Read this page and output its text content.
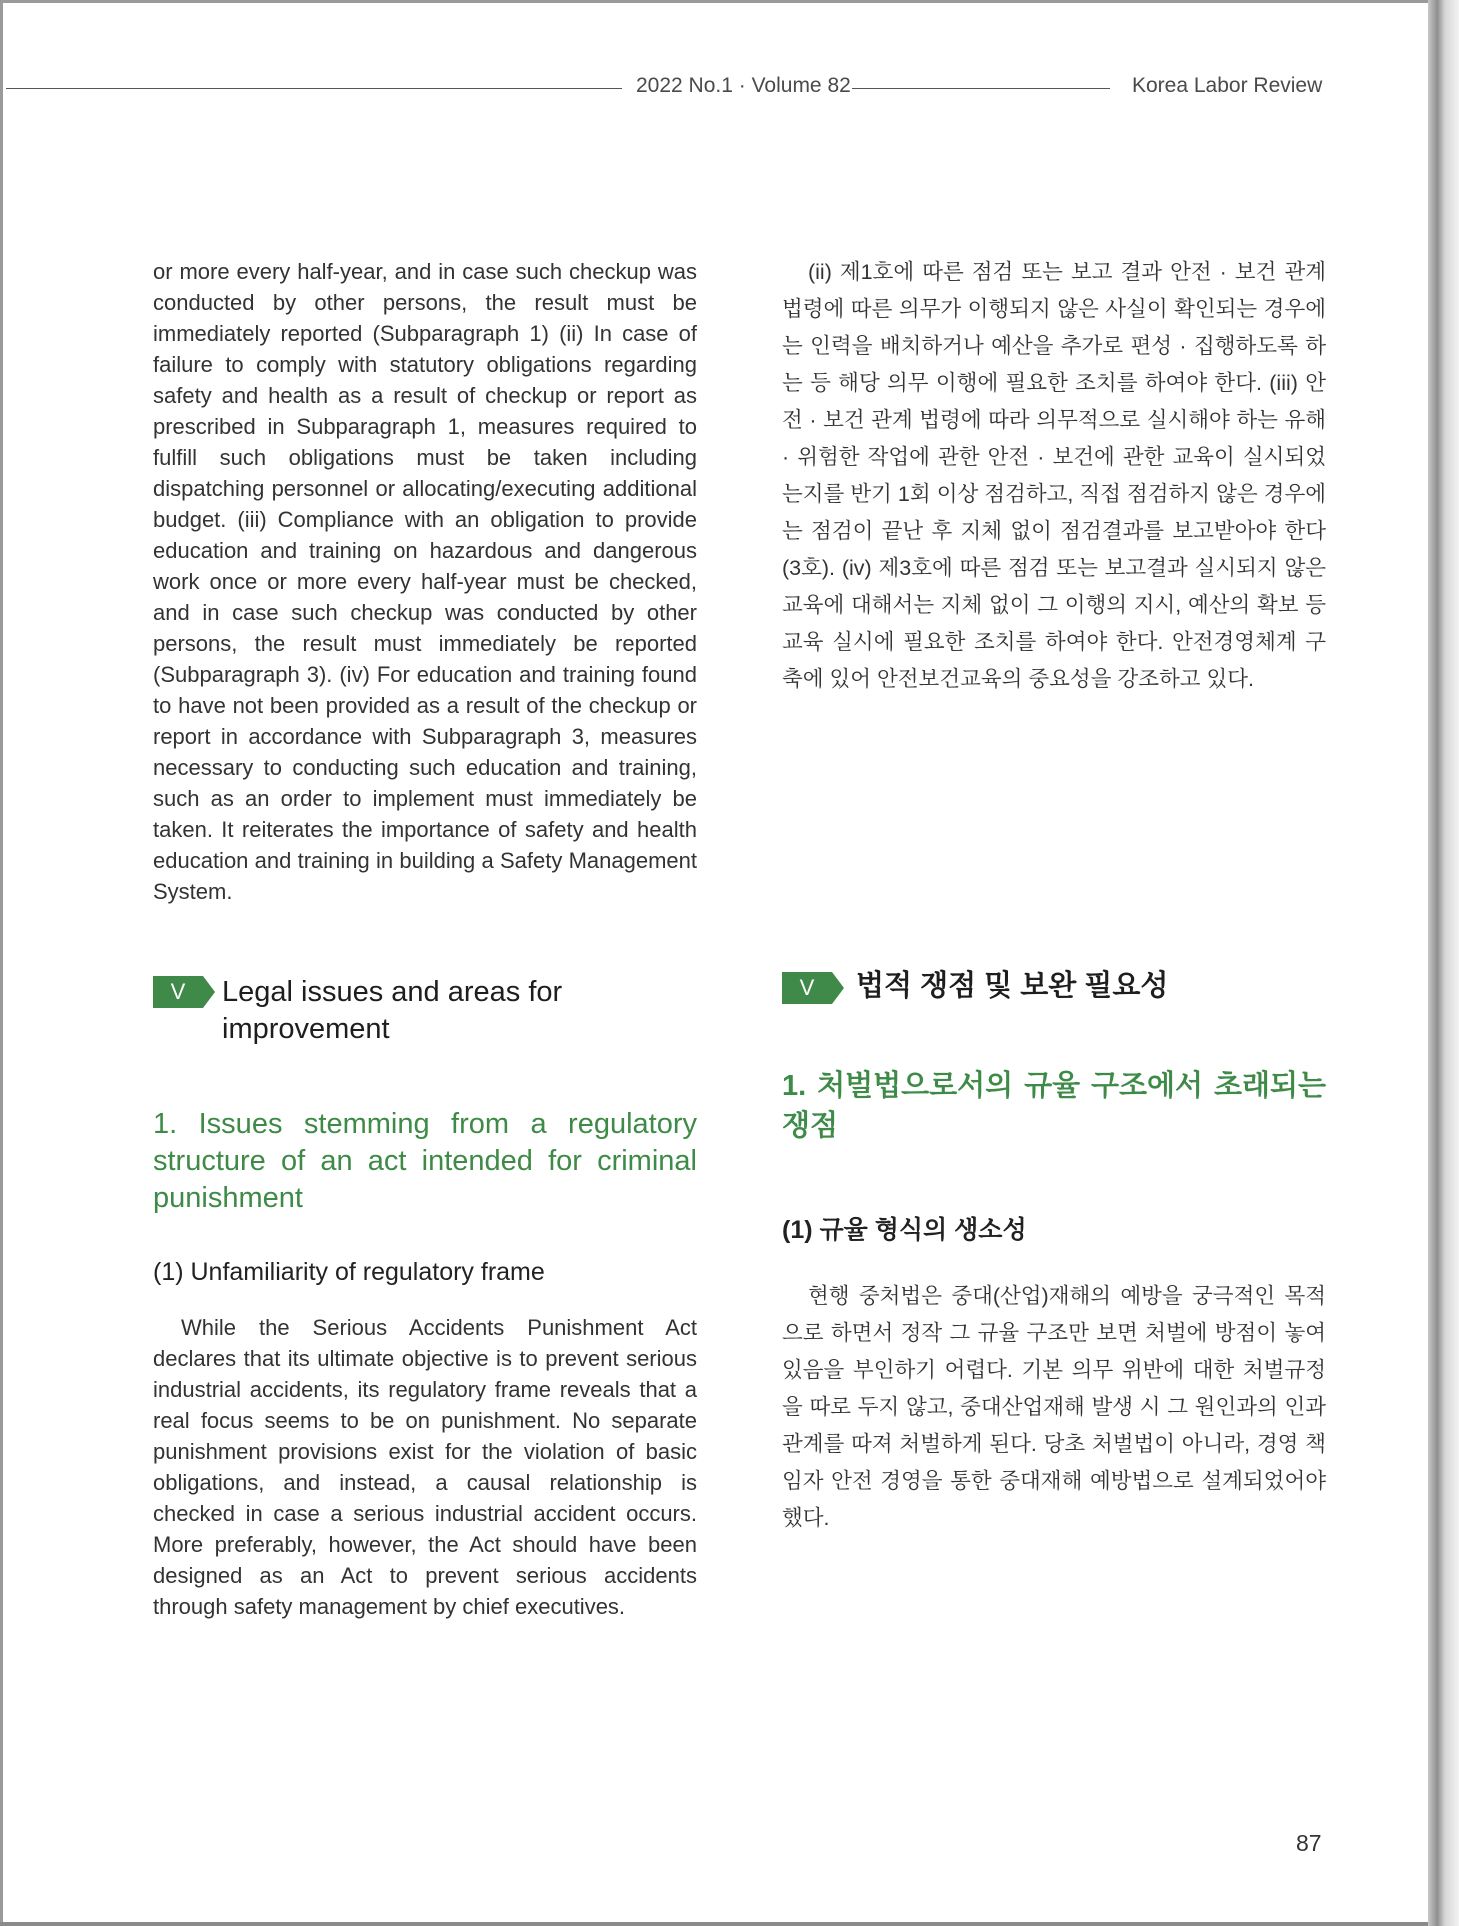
2022 No.1 · Volume 82	Korea Labor Review

or more every half-year, and in case such checkup was conducted by other persons, the result must be immediately reported (Subparagraph 1) (ii) In case of failure to comply with statutory obligations regarding safety and health as a result of checkup or report as prescribed in Subparagraph 1, measures required to fulfill such obligations must be taken including dispatching personnel or allocating/executing additional budget. (iii) Compliance with an obligation to provide education and training on hazardous and dangerous work once or more every half-year must be checked, and in case such checkup was conducted by other persons, the result must immediately be reported (Subparagraph 3). (iv) For education and training found to have not been provided as a result of the checkup or report in accordance with Subparagraph 3, measures necessary to conducting such education and training, such as an order to implement must immediately be taken. It reiterates the importance of safety and health education and training in building a Safety Management System.

V	Legal issues and areas for improvement
1. Issues stemming from a regulatory structure of an act intended for criminal punishment
(1) Unfamiliarity of regulatory frame

While the Serious Accidents Punishment Act declares that its ultimate objective is to prevent serious industrial accidents, its regulatory frame reveals that a real focus seems to be on punishment. No separate punishment provisions exist for the violation of basic obligations, and instead, a causal relationship is checked in case a serious industrial accident occurs. More preferably, however, the Act should have been designed as an Act to prevent serious accidents through safety management by chief executives.

(ii) 제1호에 따른 점검 또는 보고 결과 안전 · 보건 관계 법령에 따른 의무가 이행되지 않은 사실이 확인되는 경우에는 인력을 배치하거나 예산을 추가로 편성 · 집행하도록 하는 등 해당 의무 이행에 필요한 조치를 하여야 한다. (iii) 안전 · 보건 관계 법령에 따라 의무적으로 실시해야 하는 유해 · 위험한 작업에 관한 안전 · 보건에 관한 교육이 실시되었는지를 반기 1회 이상 점검하고, 직접 점검하지 않은 경우에는 점검이 끝난 후 지체 없이 점검결과를 보고받아야 한다(3호). (iv) 제3호에 따른 점검 또는 보고결과 실시되지 않은 교육에 대해서는 지체 없이 그 이행의 지시, 예산의 확보 등 교육 실시에 필요한 조치를 하여야 한다. 안전경영체계 구축에 있어 안전보건교육의 중요성을 강조하고 있다.

V	법적 쟁점 및 보완 필요성
1. 처벌법으로서의 규율 구조에서 초래되는 쟁점
(1) 규율 형식의 생소성

현행 중처법은 중대(산업)재해의 예방을 궁극적인 목적으로 하면서 정작 그 규율 구조만 보면 처벌에 방점이 놓여 있음을 부인하기 어렵다. 기본 의무 위반에 대한 처벌규정을 따로 두지 않고, 중대산업재해 발생 시 그 원인과의 인과관계를 따져 처벌하게 된다. 당초 처벌법이 아니라, 경영 책임자 안전 경영을 통한 중대재해 예방법으로 설계되었어야 했다.

87
